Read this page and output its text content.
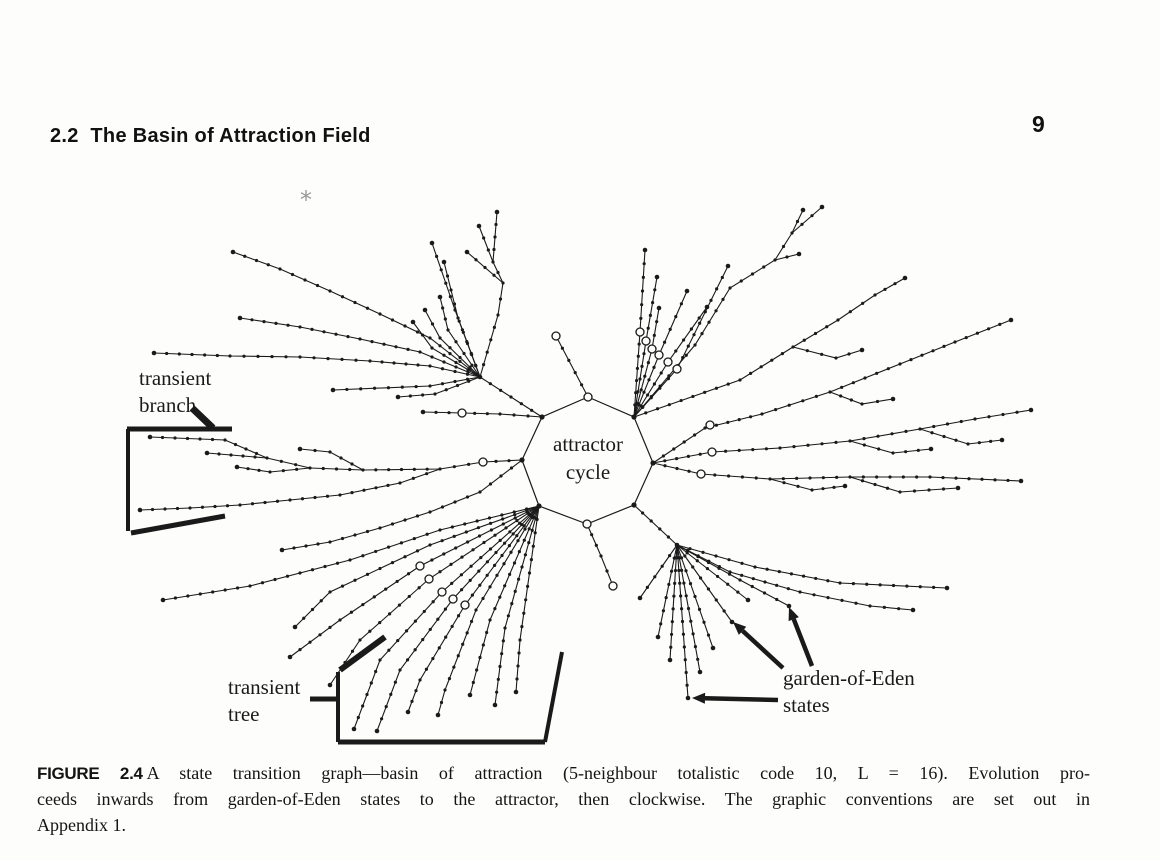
2.2  The Basin of Attraction Field	9
transient
branch
transient
tree
garden-of-Eden
states
attractor
cycle
*
FIGURE 2.4 A state transition graph—basin of attraction (5-neighbour totalistic code 10, L = 16). Evolution pro-
ceeds inwards from garden-of-Eden states to the attractor, then clockwise. The graphic conventions are set out in
Appendix 1.
